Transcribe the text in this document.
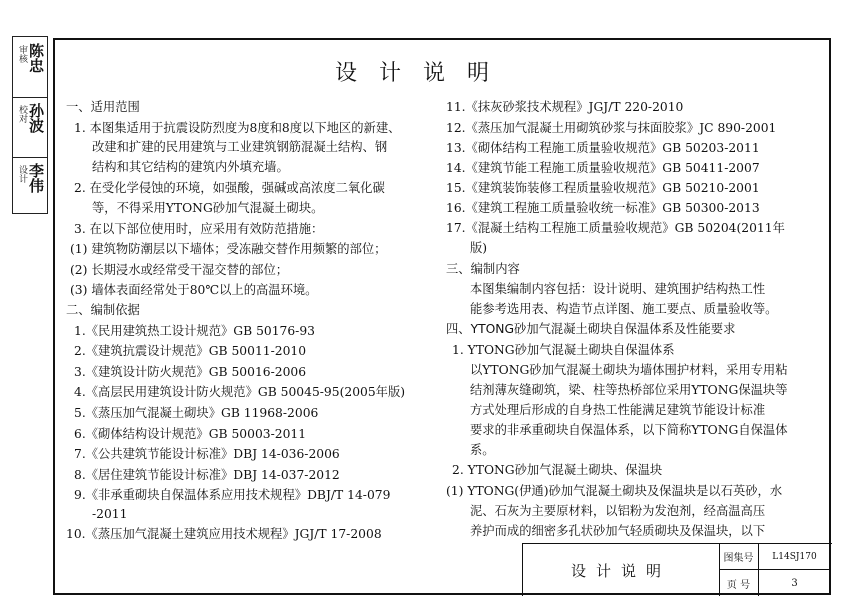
审核
校对
设计
陈忠
孙波
李伟
设计说明
一、适用范围
1. 本图集适用于抗震设防烈度为8度和8度以下地区的新建、
改建和扩建的民用建筑与工业建筑钢筋混凝土结构、钢
结构和其它结构的建筑内外填充墙。
2. 在受化学侵蚀的环境，如强酸，强碱或高浓度二氧化碳
等，不得采用YTONG砂加气混凝土砌块。
3. 在以下部位使用时，应采用有效防范措施：
(1) 建筑物防潮层以下墙体；受冻融交替作用频繁的部位；
(2) 长期浸水或经常受干湿交替的部位；
(3) 墙体表面经常处于80℃以上的高温环境。
二、编制依据
1.《民用建筑热工设计规范》GB 50176-93
2.《建筑抗震设计规范》GB 50011-2010
3.《建筑设计防火规范》GB 50016-2006
4.《高层民用建筑设计防火规范》GB 50045-95(2005年版)
5.《蒸压加气混凝土砌块》GB 11968-2006
6.《砌体结构设计规范》GB 50003-2011
7.《公共建筑节能设计标准》DBJ 14-036-2006
8.《居住建筑节能设计标准》DBJ 14-037-2012
9.《非承重砌块自保温体系应用技术规程》DBJ/T 14-079
-2011
10.《蒸压加气混凝土建筑应用技术规程》JGJ/T 17-2008
11.《抹灰砂浆技术规程》JGJ/T 220-2010
12.《蒸压加气混凝土用砌筑砂浆与抹面胶浆》JC 890-2001
13.《砌体结构工程施工质量验收规范》GB 50203-2011
14.《建筑节能工程施工质量验收规范》GB 50411-2007
15.《建筑装饰装修工程质量验收规范》GB 50210-2001
16.《建筑工程施工质量验收统一标准》GB 50300-2013
17.《混凝土结构工程施工质量验收规范》GB 50204(2011年
版)
三、编制内容
本图集编制内容包括：设计说明、建筑围护结构热工性
能参考选用表、构造节点详图、施工要点、质量验收等。
四、YTONG砂加气混凝土砌块自保温体系及性能要求
1. YTONG砂加气混凝土砌块自保温体系
以YTONG砂加气混凝土砌块为墙体围护材料，采用专用粘
结剂薄灰缝砌筑，梁、柱等热桥部位采用YTONG保温块等
方式处理后形成的自身热工性能满足建筑节能设计标准
要求的非承重砌块自保温体系，以下简称YTONG自保温体
系。
2. YTONG砂加气混凝土砌块、保温块
(1) YTONG(伊通)砂加气混凝土砌块及保温块是以石英砂，水
泥、石灰为主要原材料，以铝粉为发泡剂，经高温高压
养护而成的细密多孔状砂加气轻质砌块及保温块，以下
设计说明
图集号	L14SJ170
页 号	3
